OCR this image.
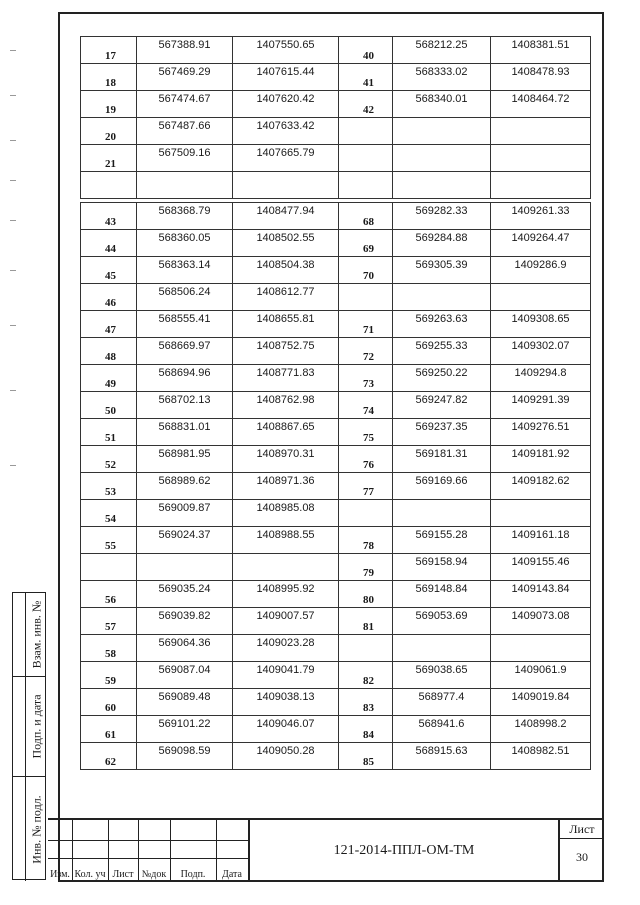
Взам. инв. №
Подп. и дата
Инв. № подл.
17	567388.91	1407550.65	40	568212.25	1408381.51
18	567469.29	1407615.44	41	568333.02	1408478.93
19	567474.67	1407620.42	42	568340.01	1408464.72
20	567487.66	1407633.42			
21	567509.16	1407665.79			

43	568368.79	1408477.94	68	569282.33	1409261.33
44	568360.05	1408502.55	69	569284.88	1409264.47
45	568363.14	1408504.38	70	569305.39	1409286.9
46	568506.24	1408612.77			
47	568555.41	1408655.81	71	569263.63	1409308.65
48	568669.97	1408752.75	72	569255.33	1409302.07
49	568694.96	1408771.83	73	569250.22	1409294.8
50	568702.13	1408762.98	74	569247.82	1409291.39
51	568831.01	1408867.65	75	569237.35	1409276.51
52	568981.95	1408970.31	76	569181.31	1409181.92
53	568989.62	1408971.36	77	569169.66	1409182.62
54	569009.87	1408985.08			
55	569024.37	1408988.55	78	569155.28	1409161.18
			79	569158.94	1409155.46
56	569035.24	1408995.92	80	569148.84	1409143.84
57	569039.82	1409007.57	81	569053.69	1409073.08
58	569064.36	1409023.28			
59	569087.04	1409041.79	82	569038.65	1409061.9
60	569089.48	1409038.13	83	568977.4	1409019.84
61	569101.22	1409046.07	84	568941.6	1408998.2
62	569098.59	1409050.28	85	568915.63	1408982.51
Изм. Кол. уч Лист №док	Подп.	Дата
121-2014-ППЛ-ОМ-ТМ
Лист
30
